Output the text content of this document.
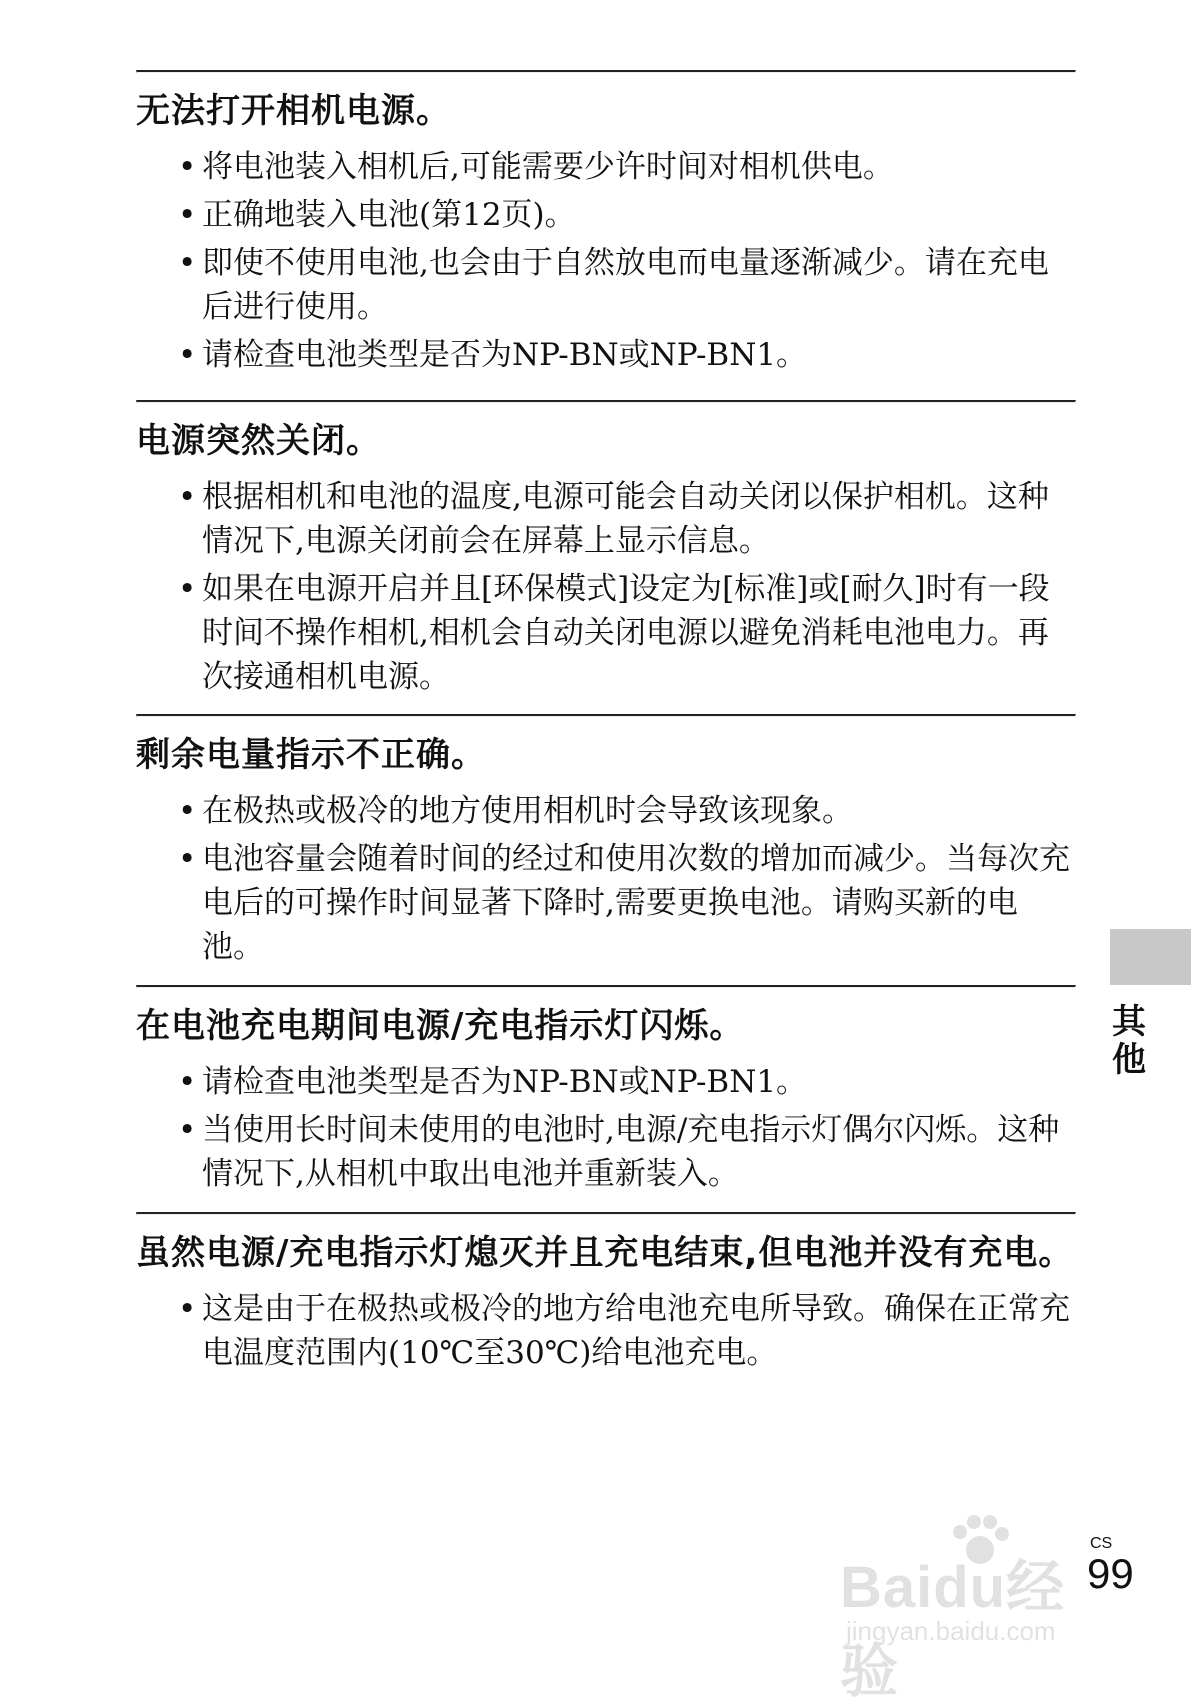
无法打开相机电源。
• 将电池装入相机后,可能需要少许时间对相机供电。
• 正确地装入电池(第12页)。
• 即使不使用电池,也会由于自然放电而电量逐渐减少。请在充电后进行使用。
• 请检查电池类型是否为NP-BN或NP-BN1。
电源突然关闭。
• 根据相机和电池的温度,电源可能会自动关闭以保护相机。这种情况下,电源关闭前会在屏幕上显示信息。
• 如果在电源开启并且[环保模式]设定为[标准]或[耐久]时有一段时间不操作相机,相机会自动关闭电源以避免消耗电池电力。再次接通相机电源。
剩余电量指示不正确。
• 在极热或极冷的地方使用相机时会导致该现象。
• 电池容量会随着时间的经过和使用次数的增加而减少。当每次充电后的可操作时间显著下降时,需要更换电池。请购买新的电池。
在电池充电期间电源/充电指示灯闪烁。
• 请检查电池类型是否为NP-BN或NP-BN1。
• 当使用长时间未使用的电池时,电源/充电指示灯偶尔闪烁。这种情况下,从相机中取出电池并重新装入。
虽然电源/充电指示灯熄灭并且充电结束,但电池并没有充电。
• 这是由于在极热或极冷的地方给电池充电所导致。确保在正常充电温度范围内(10℃至30℃)给电池充电。
其他
Baidu经验
jingyan.baidu.com
CS
99
